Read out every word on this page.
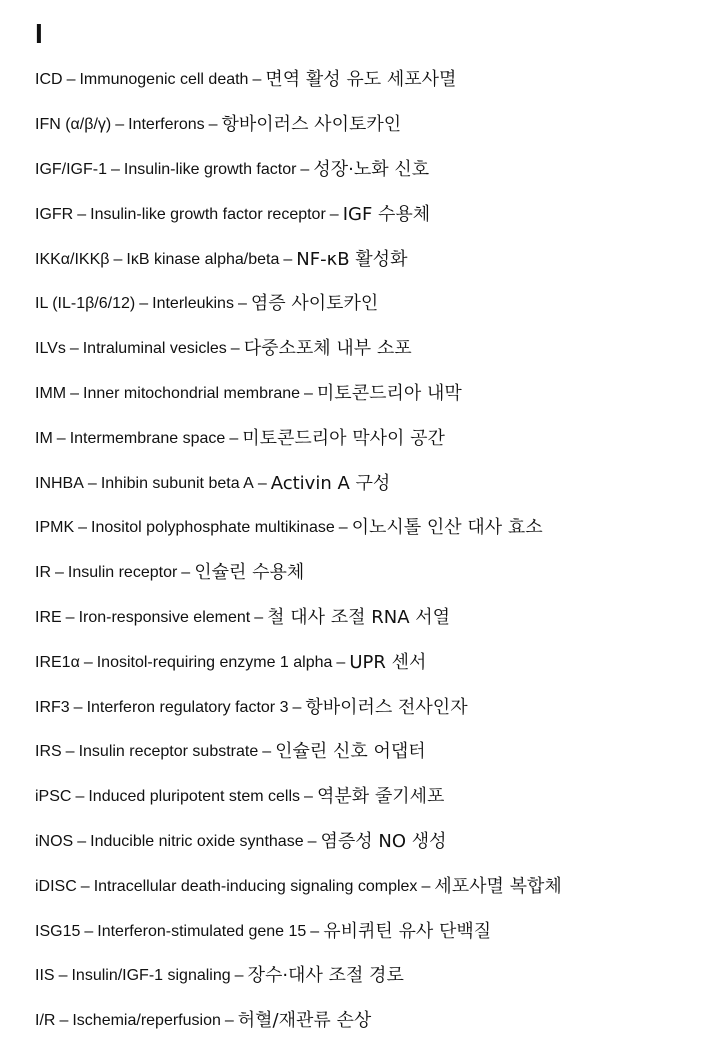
I
ICD – Immunogenic cell death – 면역 활성 유도 세포사멸
IFN (α/β/γ) – Interferons – 항바이러스 사이토카인
IGF/IGF-1 – Insulin-like growth factor – 성장·노화 신호
IGFR – Insulin-like growth factor receptor – IGF 수용체
IKKα/IKKβ – IκB kinase alpha/beta – NF-κB 활성화
IL (IL-1β/6/12) – Interleukins – 염증 사이토카인
ILVs – Intraluminal vesicles – 다중소포체 내부 소포
IMM – Inner mitochondrial membrane – 미토콘드리아 내막
IM – Intermembrane space – 미토콘드리아 막사이 공간
INHBA – Inhibin subunit beta A – Activin A 구성
IPMK – Inositol polyphosphate multikinase – 이노시톨 인산 대사 효소
IR – Insulin receptor – 인슐린 수용체
IRE – Iron-responsive element – 철 대사 조절 RNA 서열
IRE1α – Inositol-requiring enzyme 1 alpha – UPR 센서
IRF3 – Interferon regulatory factor 3 – 항바이러스 전사인자
IRS – Insulin receptor substrate – 인슐린 신호 어댑터
iPSC – Induced pluripotent stem cells – 역분화 줄기세포
iNOS – Inducible nitric oxide synthase – 염증성 NO 생성
iDISC – Intracellular death-inducing signaling complex – 세포사멸 복합체
ISG15 – Interferon-stimulated gene 15 – 유비퀴틴 유사 단백질
IIS – Insulin/IGF-1 signaling – 장수·대사 조절 경로
I/R – Ischemia/reperfusion – 허혈/재관류 손상
